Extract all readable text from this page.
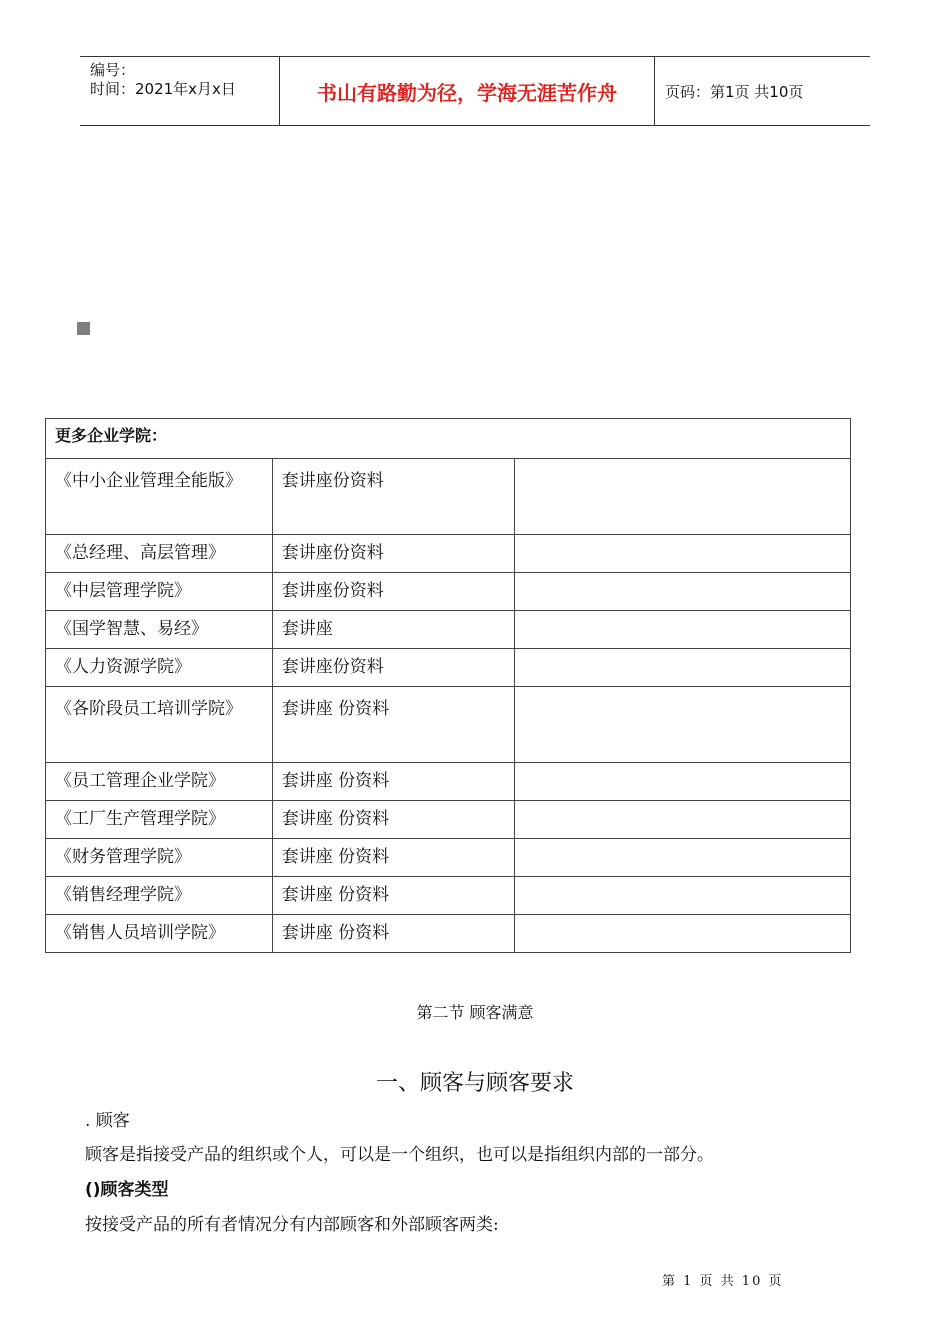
编号：
时间：2021年x月x日	书山有路勤为径，学海无涯苦作舟	页码：第1页 共10页
更多企业学院：		
《中小企业管理全能版》	套讲座份资料	
《总经理、高层管理》	套讲座份资料	
《中层管理学院》	套讲座份资料	
《国学智慧、易经》	套讲座	
《人力资源学院》	套讲座份资料	
《各阶段员工培训学院》	套讲座 份资料	
《员工管理企业学院》	套讲座 份资料	
《工厂生产管理学院》	套讲座 份资料	
《财务管理学院》	套讲座 份资料	
《销售经理学院》	套讲座 份资料	
《销售人员培训学院》	套讲座 份资料	
第二节 顾客满意
一、顾客与顾客要求
. 顾客
顾客是指接受产品的组织或个人，可以是一个组织，也可以是指组织内部的一部分。
()顾客类型
按接受产品的所有者情况分有内部顾客和外部顾客两类:
第 1 页 共 10 页
